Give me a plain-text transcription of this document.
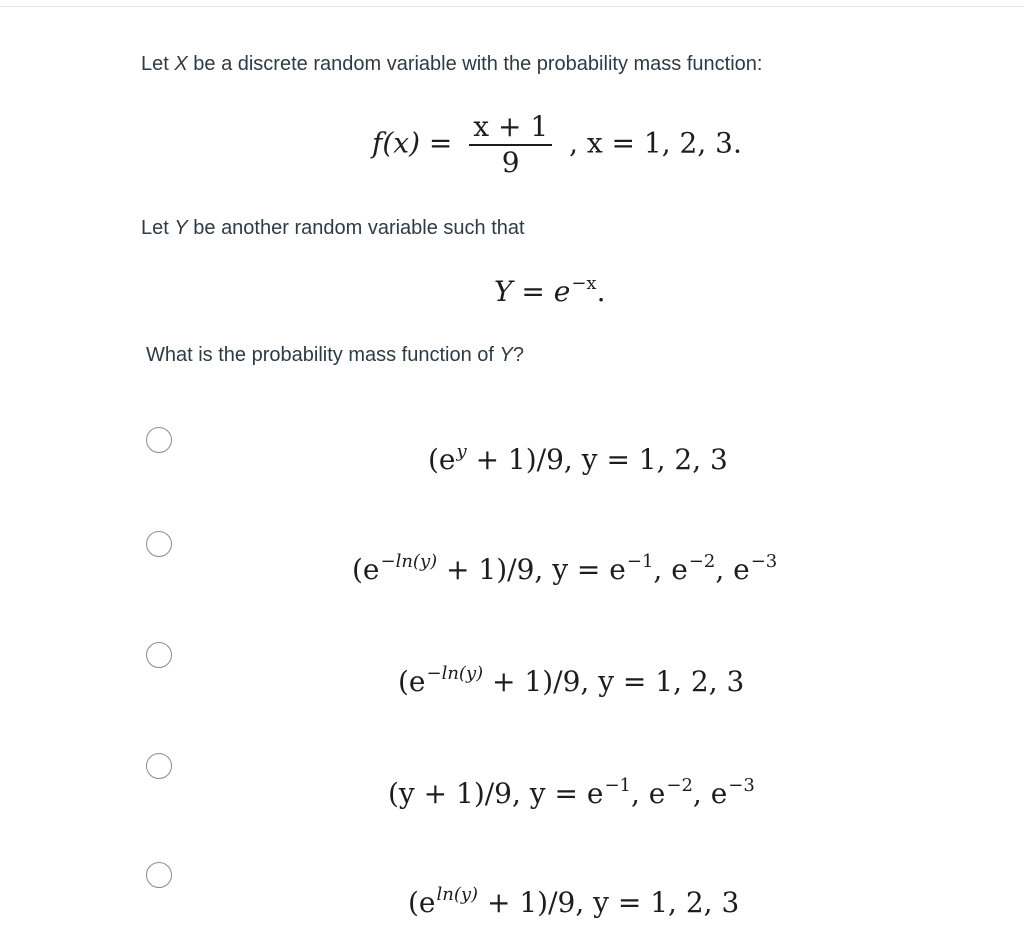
Let X be a discrete random variable with the probability mass function:
$f(x) = \frac{x + 1}{9}$ , x = 1, 2, 3.
Let Y be another random variable such that
$Y = e^{-x}$.
What is the probability mass function of Y?
$(e^y + 1)/9$, y = 1, 2, 3
$(e^{-ln(y)} + 1)/9$, $y = e^{-1}$, $e^{-2}$, $e^{-3}$
$(e^{-ln(y)} + 1)/9$, y = 1, 2, 3
(y + 1)/9, $y = e^{-1}$, $e^{-2}$, $e^{-3}$
$(e^{ln(y)} + 1)/9$, y = 1, 2, 3
